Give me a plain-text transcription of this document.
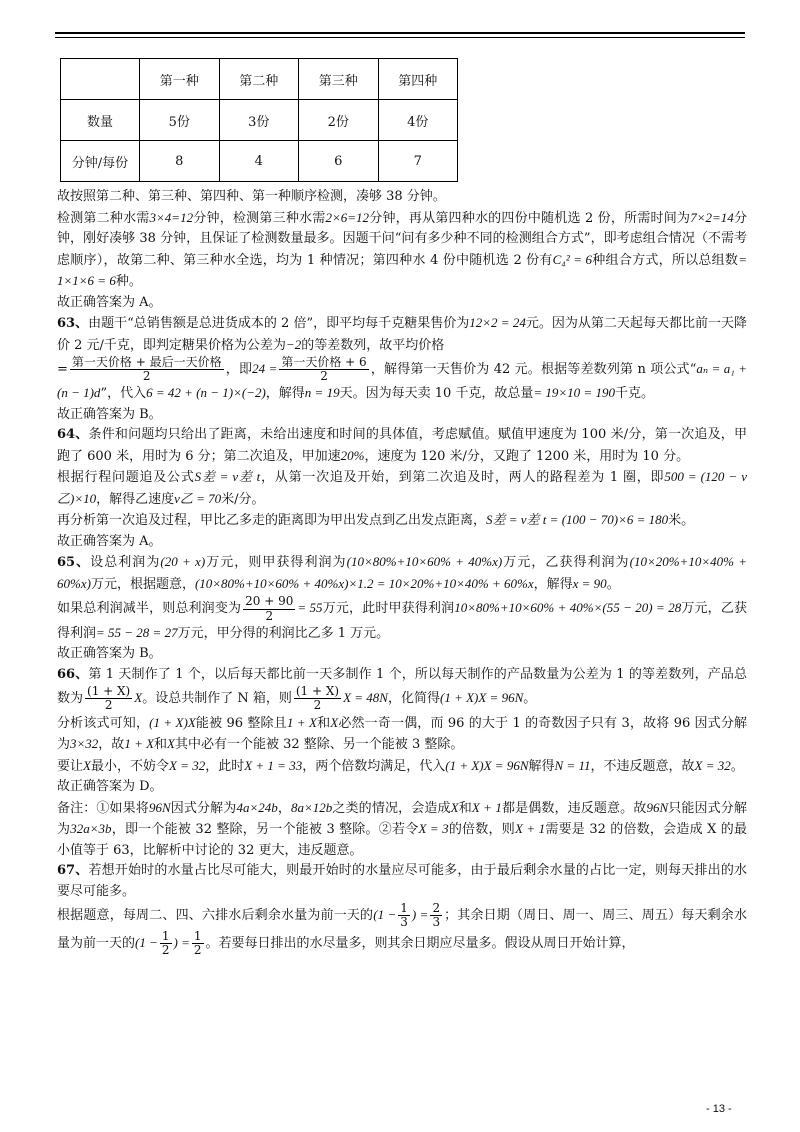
	第一种	第二种	第三种	第四种
数量	5份	3份	2份	4份
分钟/每份	8	4	6	7

故按照第二种、第三种、第四种、第一种顺序检测，凑够 38 分钟。

检测第二种水需3×4=12分钟，检测第三种水需2×6=12分钟，再从第四种水的四份中随机选 2 份，所需时间为7×2=14分钟，刚好凑够 38 分钟，且保证了检测数量最多。因题干问“问有多少种不同的检测组合方式”，即考虑组合情况（不需考虑顺序），故第二种、第三种水全选，均为 1 种情况；第四种水 4 份中随机选 2 份有C₄² = 6种组合方式，所以总组数= 1×1×6 = 6种。

故正确答案为 A。

63、由题干“总销售额是总进货成本的 2 倍”，即平均每千克糖果售价为12×2 = 24元。因为从第二天起每天都比前一天降价 2 元/千克，即判定糖果价格为公差为−2的等差数列，故平均价格
= $\frac{\text{第一天价格 + 最后一天价格}}{2}$ ，即$24 = \frac{\text{第一天价格 + 6}}{2}$ ，解得第一天售价为 42 元。根据等差数列第 n 项公式“aₙ = a₁ + (n − 1)d”，代入6 = 42 + (n − 1)×(−2)，解得n = 19天。因为每天卖 10 千克，故总量= 19×10 = 190千克。

故正确答案为 B。

64、条件和问题均只给出了距离，未给出速度和时间的具体值，考虑赋值。赋值甲速度为 100 米/分，第一次追及，甲跑了 600 米，用时为 6 分；第二次追及，甲加速20%，速度为 120 米/分，又跑了 1200 米，用时为 10 分。

根据行程问题追及公式S差 = v差 t，从第一次追及开始，到第二次追及时，两人的路程差为 1 圈，即500 = (120 − v乙)×10，解得乙速度v乙 = 70米/分。

再分析第一次追及过程，甲比乙多走的距离即为甲出发点到乙出发点距离，S差 = v差 t = (100 − 70)×6 = 180米。

故正确答案为 A。

65、设总利润为(20 + x)万元，则甲获得利润为(10×80%+10×60% + 40%x)万元，乙获得利润为(10×20%+10×40% + 60%x)万元，根据题意，(10×80%+10×60% + 40%x)×1.2 = 10×20%+10×40% + 60%x，解得x = 90。

如果总利润减半，则总利润变为 $\frac{20 + 90}{2} = 55$万元，此时甲获得利润10×80%+10×60% + 40%×(55 − 20) = 28万元，乙获得利润= 55 − 28 = 27万元，甲分得的利润比乙多 1 万元。

故正确答案为 B。

66、第 1 天制作了 1 个，以后每天都比前一天多制作 1 个，所以每天制作的产品数量为公差为 1 的等差数列，产品总数为 $\frac{(1 + X)}{2}$ X。设总共制作了 N 箱，则 $\frac{(1 + X)}{2}$ X = 48N，化简得(1 + X)X = 96N。

分析该式可知，(1 + X)X能被 96 整除且1 + X和X必然一奇一偶，而 96 的大于 1 的奇数因子只有 3，故将 96 因式分解为3×32，故1 + X和X其中必有一个能被 32 整除、另一个能被 3 整除。

要让X最小，不妨令X = 32，此时X + 1 = 33，两个倍数均满足，代入(1 + X)X = 96N解得N = 11，不违反题意，故X = 32。

故正确答案为 D。

备注：①如果将96N因式分解为4a×24b，8a×12b之类的情况，会造成X和X + 1都是偶数，违反题意。故96N只能因式分解为32a×3b，即一个能被 32 整除，另一个能被 3 整除。②若令X = 3的倍数，则X + 1需要是 32 的倍数，会造成 X 的最小值等于 63，比解析中讨论的 32 更大，违反题意。

67、若想开始时的水量占比尽可能大，则最开始时的水量应尽可能多，由于最后剩余水量的占比一定，则每天排出的水要尽可能多。

根据题意，每周二、四、六排水后剩余水量为前一天的($1 - \frac{1}{3}$ ) = $\frac{2}{3}$ ；其余日期（周日、周一、周三、周五）每天剩余水量为前一天的($1 - \frac{1}{2}$ ) = $\frac{1}{2}$ 。若要每日排出的水尽量多，则其余日期应尽量多。假设从周日开始计算，

- 13 -
